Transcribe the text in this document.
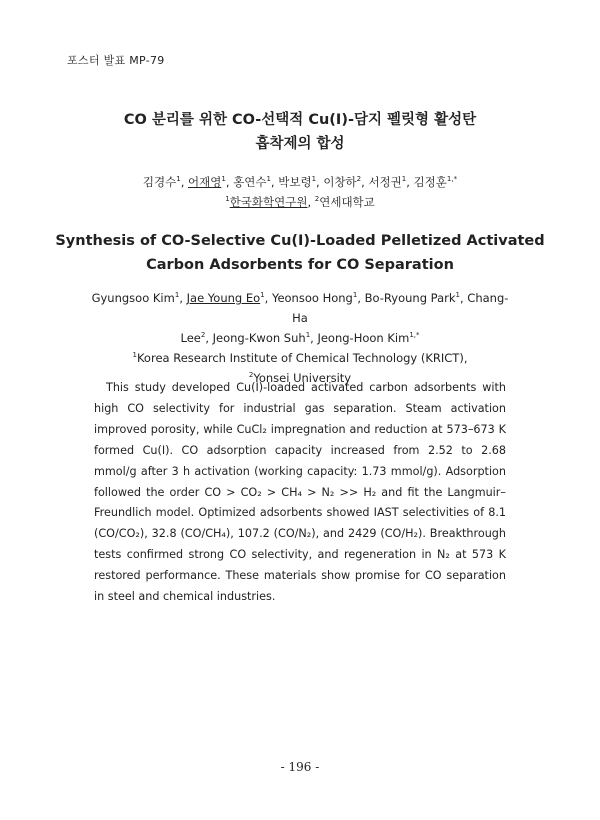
포스터 발표 MP-79
CO 분리를 위한 CO-선택적 Cu(I)-담지 펠릿형 활성탄
흡착제의 합성
김경수$^1$, 어재영$^1$, 홍연수$^1$, 박보령$^1$, 이창하$^2$, 서정권$^1$, 김정훈$^{1,*}$
$^1$한국화학연구원, $^2$연세대학교
Synthesis of CO-Selective Cu(I)-Loaded Pelletized Activated
Carbon Adsorbents for CO Separation
Gyungsoo Kim$^1$, Jae Young Eo$^1$, Yeonsoo Hong$^1$, Bo-Ryoung Park$^1$, Chang-Ha
Lee$^2$, Jeong-Kwon Suh$^1$, Jeong-Hoon Kim$^{1,*}$
$^1$Korea Research Institute of Chemical Technology (KRICT),
$^2$Yonsei University

This study developed Cu(I)-loaded activated carbon adsorbents with high CO selectivity for industrial gas separation. Steam activation improved porosity, while CuCl₂ impregnation and reduction at 573–673 K formed Cu(I). CO adsorption capacity increased from 2.52 to 2.68 mmol/g after 3 h activation (working capacity: 1.73 mmol/g). Adsorption followed the order CO > CO₂ > CH₄ > N₂ >> H₂ and fit the Langmuir–Freundlich model. Optimized adsorbents showed IAST selectivities of 8.1 (CO/CO₂), 32.8 (CO/CH₄), 107.2 (CO/N₂), and 2429 (CO/H₂). Breakthrough tests confirmed strong CO selectivity, and regeneration in N₂ at 573 K restored performance. These materials show promise for CO separation in steel and chemical industries.

- 196 -
